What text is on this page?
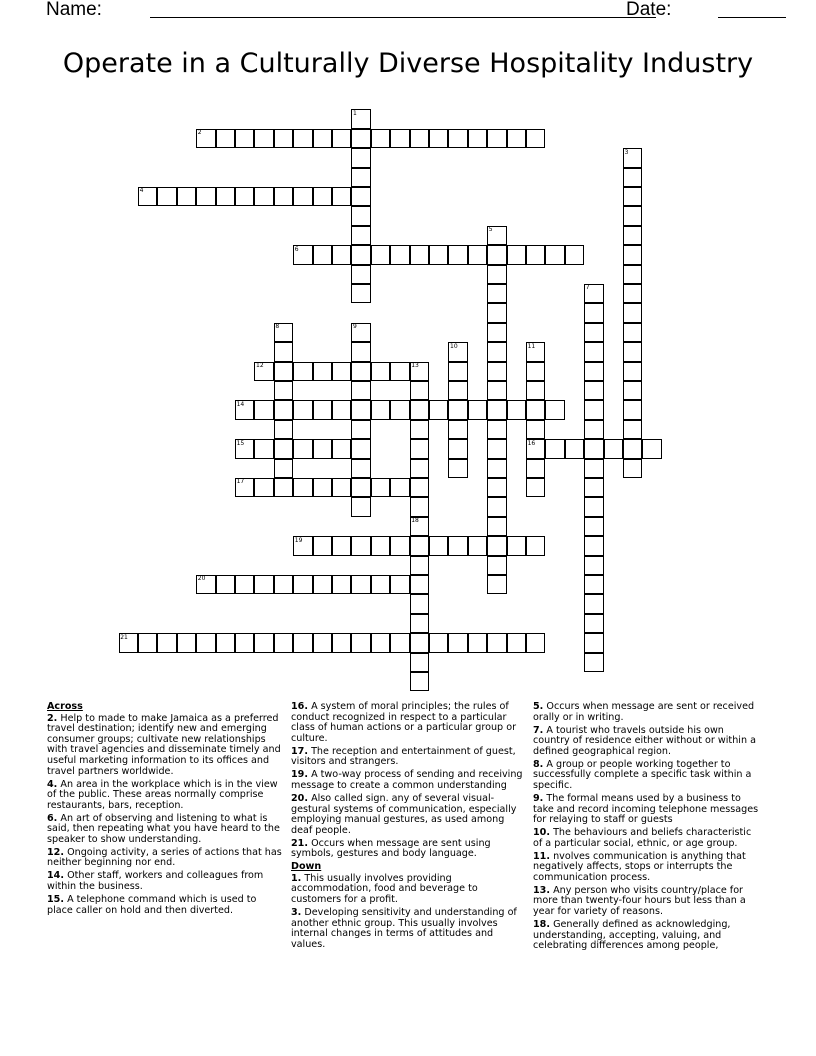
Name:	Date:
Operate in a Culturally Diverse Hospitality Industry
1
2
3
4
5
6
7
8	9
10	11
12	13
14
15	16
17
18
19
20
21
Across
2. Help to made to make Jamaica as a preferred travel destination; identify new and emerging consumer groups; cultivate new relationships with travel agencies and disseminate timely and useful marketing information to its offices and travel partners worldwide.
4. An area in the workplace which is in the view of the public. These areas normally comprise restaurants, bars, reception.
6. An art of observing and listening to what is said, then repeating what you have heard to the speaker to show understanding.
12. Ongoing activity, a series of actions that has neither beginning nor end.
14. Other staff, workers and colleagues from within the business.
15. A telephone command which is used to place caller on hold and then diverted.
16. A system of moral principles; the rules of conduct recognized in respect to a particular class of human actions or a particular group or culture.
17. The reception and entertainment of guest, visitors and strangers.
19. A two-way process of sending and receiving message to create a common understanding
20. Also called sign. any of several visual-gestural systems of communication, especially employing manual gestures, as used among deaf people.
21. Occurs when message are sent using symbols, gestures and body language.
Down
1. This usually involves providing accommodation, food and beverage to customers for a profit.
3. Developing sensitivity and understanding of another ethnic group. This usually involves internal changes in terms of attitudes and values.
5. Occurs when message are sent or received orally or in writing.
7. A tourist who travels outside his own country of residence either without or within a defined geographical region.
8. A group or people working together to successfully complete a specific task within a specific.
9. The formal means used by a business to take and record incoming telephone messages for relaying to staff or guests
10. The behaviours and beliefs characteristic of a particular social, ethnic, or age group.
11. nvolves communication is anything that negatively affects, stops or interrupts the communication process.
13. Any person who visits country/place for more than twenty-four hours but less than a year for variety of reasons.
18. Generally defined as acknowledging, understanding, accepting, valuing, and celebrating differences among people,
